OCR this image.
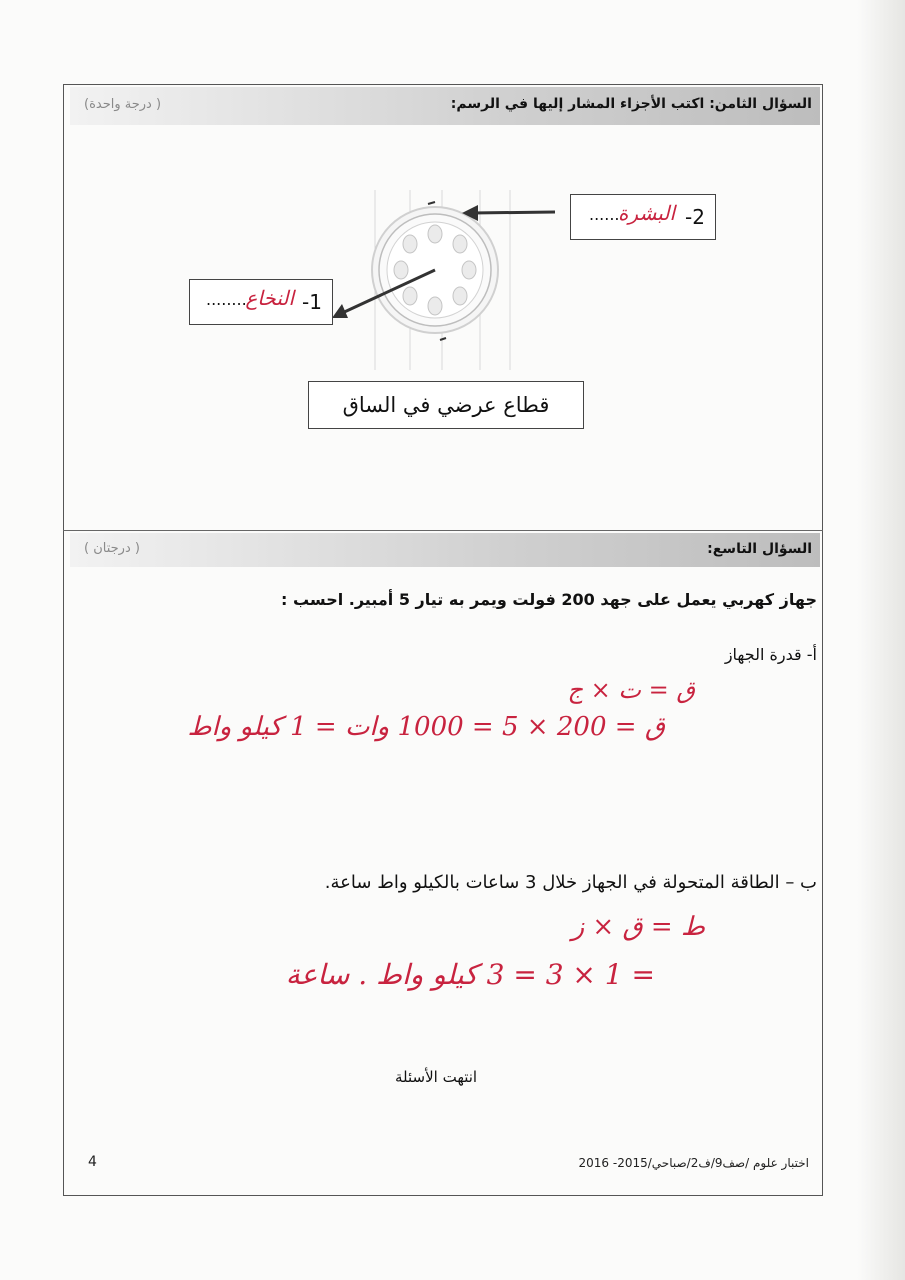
السؤال الثامن: اكتب الأجزاء المشار إليها في الرسم:
( درجة واحدة)
2-
البشرة
......
1-
النخاع
........
قطاع عرضي في الساق
السؤال التاسع:
( درجتان )
جهاز كهربي يعمل على جهد 200 فولت ويمر به تيار 5 أمبير. احسب :
أ- قدرة الجهاز
ق = ت × ج
ق = 200 × 5 = 1000 وات = 1 كيلو واط
ب – الطاقة المتحولة في الجهاز خلال 3 ساعات بالكيلو واط ساعة.
ط = ق × ز
= 1 × 3 = 3 كيلو واط . ساعة
انتهت الأسئلة
اختبار علوم /صف9/ف2/صباحي/2015- 2016
4
